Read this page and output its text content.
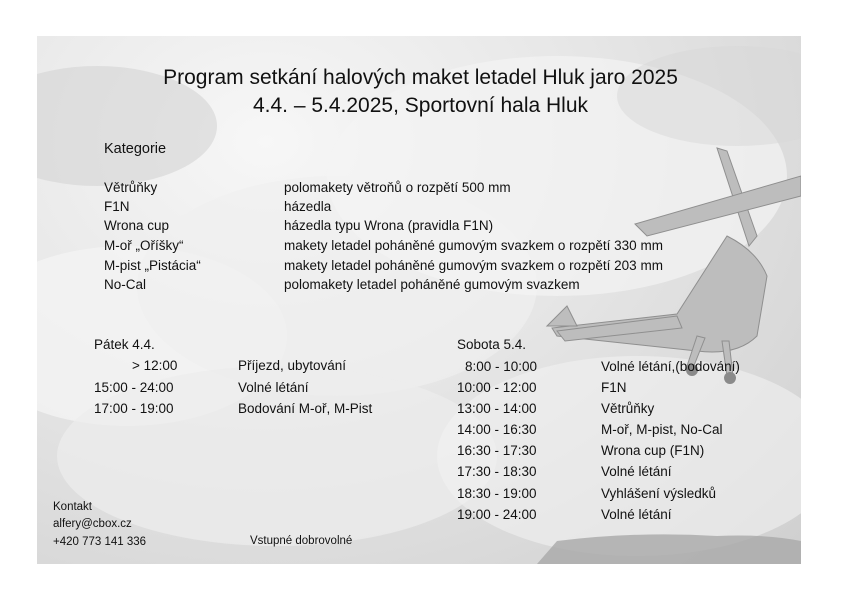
Program setkání halových maket letadel Hluk jaro 2025
4.4. – 5.4.2025, Sportovní hala Hluk
Kategorie
Větrůňky	polomakety větroňů o rozpětí 500 mm
F1N	házedla
Wrona cup	házedla typu Wrona (pravidla F1N)
M-oř „Oříšky“	makety letadel poháněné gumovým svazkem o rozpětí 330 mm
M-pist „Pistácia“	makety letadel poháněné gumovým svazkem o rozpětí 203 mm
No-Cal	polomakety letadel poháněné gumovým svazkem
Pátek 4.4.
> 12:00	Příjezd, ubytování
15:00 - 24:00	Volné létání
17:00 - 19:00	Bodování M-oř, M-Pist
Sobota 5.4.
8:00 - 10:00	Volné létání,(bodování)
10:00 - 12:00	F1N
13:00 - 14:00	Větrůňky
14:00 - 16:30	M-oř, M-pist, No-Cal
16:30 - 17:30	Wrona cup (F1N)
17:30 - 18:30	Volné létání
18:30 - 19:00	Vyhlášení výsledků
19:00 - 24:00	Volné létání
Kontakt
alfery@cbox.cz
+420 773 141 336	Vstupné dobrovolné
